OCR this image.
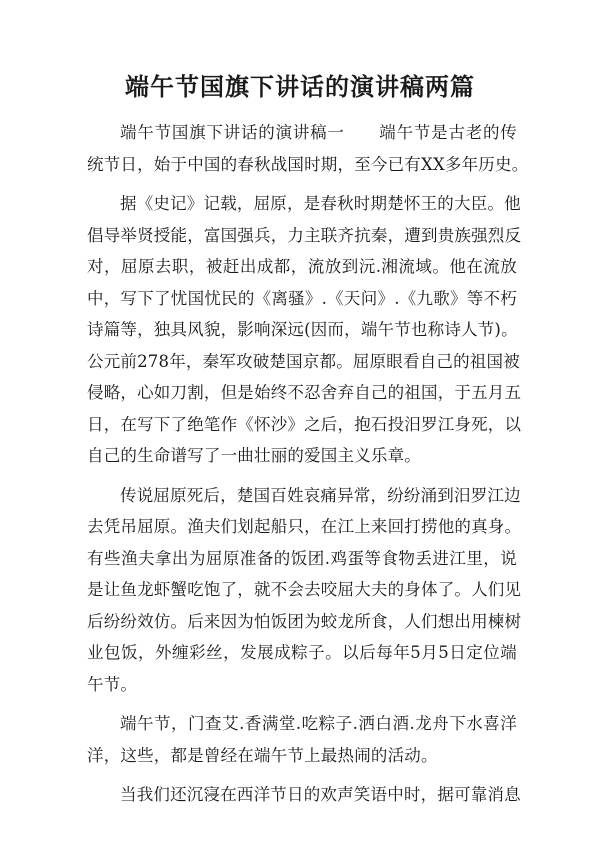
端午节国旗下讲话的演讲稿两篇
端午节国旗下讲话的演讲稿一　　端午节是古老的传
统节日，始于中国的春秋战国时期，至今已有XX多年历史。
据《史记》记载，屈原，是春秋时期楚怀王的大臣。他
倡导举贤授能，富国强兵，力主联齐抗秦，遭到贵族强烈反
对，屈原去职，被赶出成都，流放到沅.湘流域。他在流放
中，写下了忧国忧民的《离骚》.《天问》.《九歌》等不朽
诗篇等，独具风貌，影响深远(因而，端午节也称诗人节)。
公元前278年，秦军攻破楚国京都。屈原眼看自己的祖国被
侵略，心如刀割，但是始终不忍舍弃自己的祖国，于五月五
日，在写下了绝笔作《怀沙》之后，抱石投汨罗江身死，以
自己的生命谱写了一曲壮丽的爱国主义乐章。
传说屈原死后，楚国百姓哀痛异常，纷纷涌到汨罗江边
去凭吊屈原。渔夫们划起船只，在江上来回打捞他的真身。
有些渔夫拿出为屈原准备的饭团.鸡蛋等食物丢进江里，说
是让鱼龙虾蟹吃饱了，就不会去咬屈大夫的身体了。人们见
后纷纷效仿。后来因为怕饭团为蛟龙所食，人们想出用楝树
业包饭，外缠彩丝，发展成粽子。以后每年5月5日定位端
午节。
端午节，门查艾.香满堂.吃粽子.洒白酒.龙舟下水喜洋
洋，这些，都是曾经在端午节上最热闹的活动。
当我们还沉寖在西洋节日的欢声笑语中时，据可靠消息
